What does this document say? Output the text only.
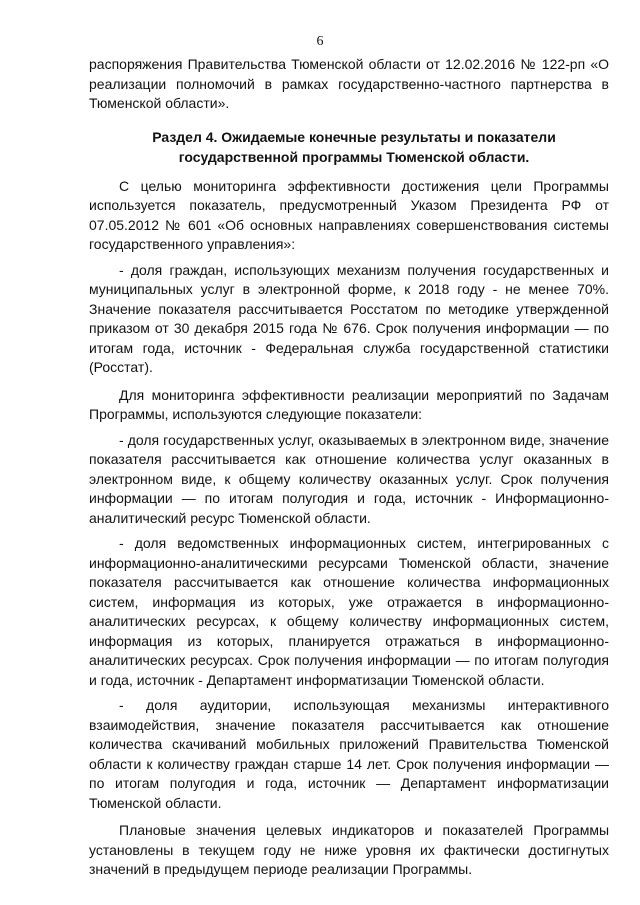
6

распоряжения Правительства Тюменской области от 12.02.2016 № 122-рп «О реализации полномочий в рамках государственно-частного партнерства в Тюменской области».

Раздел 4. Ожидаемые конечные результаты и показатели государственной программы Тюменской области.

С целью мониторинга эффективности достижения цели Программы используется показатель, предусмотренный Указом Президента РФ от 07.05.2012 № 601 «Об основных направлениях совершенствования системы государственного управления»:

- доля граждан, использующих механизм получения государственных и муниципальных услуг в электронной форме, к 2018 году - не менее 70%. Значение показателя рассчитывается Росстатом по методике утвержденной приказом от 30 декабря 2015 года № 676. Срок получения информации — по итогам года, источник - Федеральная служба государственной статистики (Росстат).

Для мониторинга эффективности реализации мероприятий по Задачам Программы, используются следующие показатели:

- доля государственных услуг, оказываемых в электронном виде, значение показателя рассчитывается как отношение количества услуг оказанных в электронном виде, к общему количеству оказанных услуг. Срок получения информации — по итогам полугодия и года, источник - Информационно-аналитический ресурс Тюменской области.

- доля ведомственных информационных систем, интегрированных с информационно-аналитическими ресурсами Тюменской области, значение показателя рассчитывается как отношение количества информационных систем, информация из которых, уже отражается в информационно-аналитических ресурсах, к общему количеству информационных систем, информация из которых, планируется отражаться в информационно-аналитических ресурсах. Срок получения информации — по итогам полугодия и года, источник - Департамент информатизации Тюменской области.

- доля аудитории, использующая механизмы интерактивного взаимодействия, значение показателя рассчитывается как отношение количества скачиваний мобильных приложений Правительства Тюменской области к количеству граждан старше 14 лет. Срок получения информации — по итогам полугодия и года, источник — Департамент информатизации Тюменской области.

Плановые значения целевых индикаторов и показателей Программы установлены в текущем году не ниже уровня их фактически достигнутых значений в предыдущем периоде реализации Программы.
